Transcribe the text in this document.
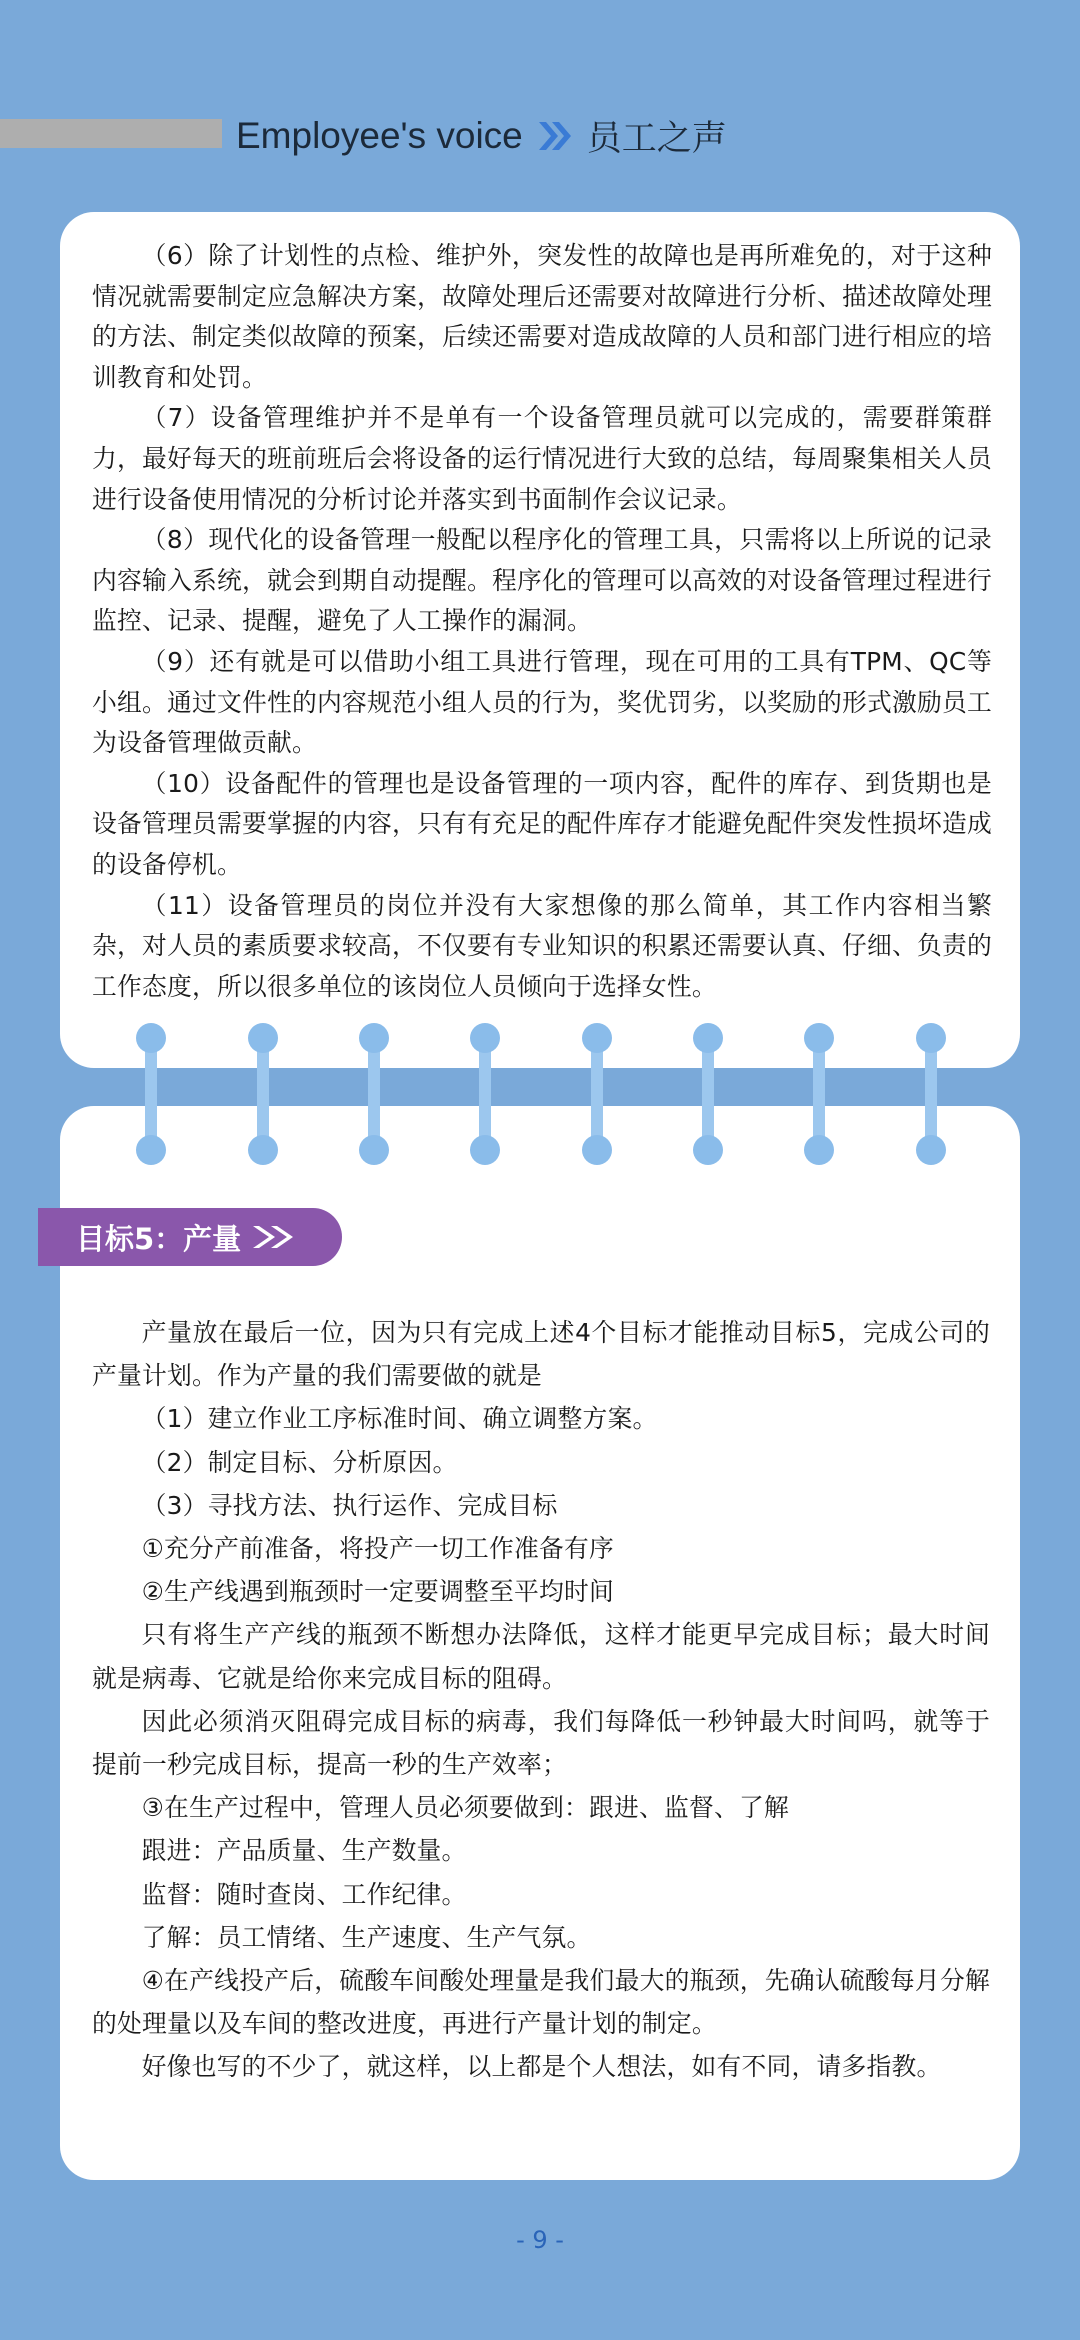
Employee's voice 员工之声

（6）除了计划性的点检、维护外，突发性的故障也是再所难免的，对于这种情况就需要制定应急解决方案，故障处理后还需要对故障进行分析、描述故障处理的方法、制定类似故障的预案，后续还需要对造成故障的人员和部门进行相应的培训教育和处罚。

（7）设备管理维护并不是单有一个设备管理员就可以完成的，需要群策群力，最好每天的班前班后会将设备的运行情况进行大致的总结，每周聚集相关人员进行设备使用情况的分析讨论并落实到书面制作会议记录。

（8）现代化的设备管理一般配以程序化的管理工具，只需将以上所说的记录内容输入系统，就会到期自动提醒。程序化的管理可以高效的对设备管理过程进行监控、记录、提醒，避免了人工操作的漏洞。

（9）还有就是可以借助小组工具进行管理，现在可用的工具有TPM、QC等小组。通过文件性的内容规范小组人员的行为，奖优罚劣，以奖励的形式激励员工为设备管理做贡献。

（10）设备配件的管理也是设备管理的一项内容，配件的库存、到货期也是设备管理员需要掌握的内容，只有有充足的配件库存才能避免配件突发性损坏造成的设备停机。

（11）设备管理员的岗位并没有大家想像的那么简单，其工作内容相当繁杂，对人员的素质要求较高，不仅要有专业知识的积累还需要认真、仔细、负责的工作态度，所以很多单位的该岗位人员倾向于选择女性。

目标5：产量

产量放在最后一位，因为只有完成上述4个目标才能推动目标5，完成公司的产量计划。作为产量的我们需要做的就是

（1）建立作业工序标准时间、确立调整方案。

（2）制定目标、分析原因。

（3）寻找方法、执行运作、完成目标

①充分产前准备，将投产一切工作准备有序

②生产线遇到瓶颈时一定要调整至平均时间

只有将生产产线的瓶颈不断想办法降低，这样才能更早完成目标；最大时间就是病毒、它就是给你来完成目标的阻碍。

因此必须消灭阻碍完成目标的病毒，我们每降低一秒钟最大时间吗，就等于提前一秒完成目标，提高一秒的生产效率；

③在生产过程中，管理人员必须要做到：跟进、监督、了解

跟进：产品质量、生产数量。

监督：随时查岗、工作纪律。

了解：员工情绪、生产速度、生产气氛。

④在产线投产后，硫酸车间酸处理量是我们最大的瓶颈，先确认硫酸每月分解的处理量以及车间的整改进度，再进行产量计划的制定。

好像也写的不少了，就这样，以上都是个人想法，如有不同，请多指教。

- 9 -
